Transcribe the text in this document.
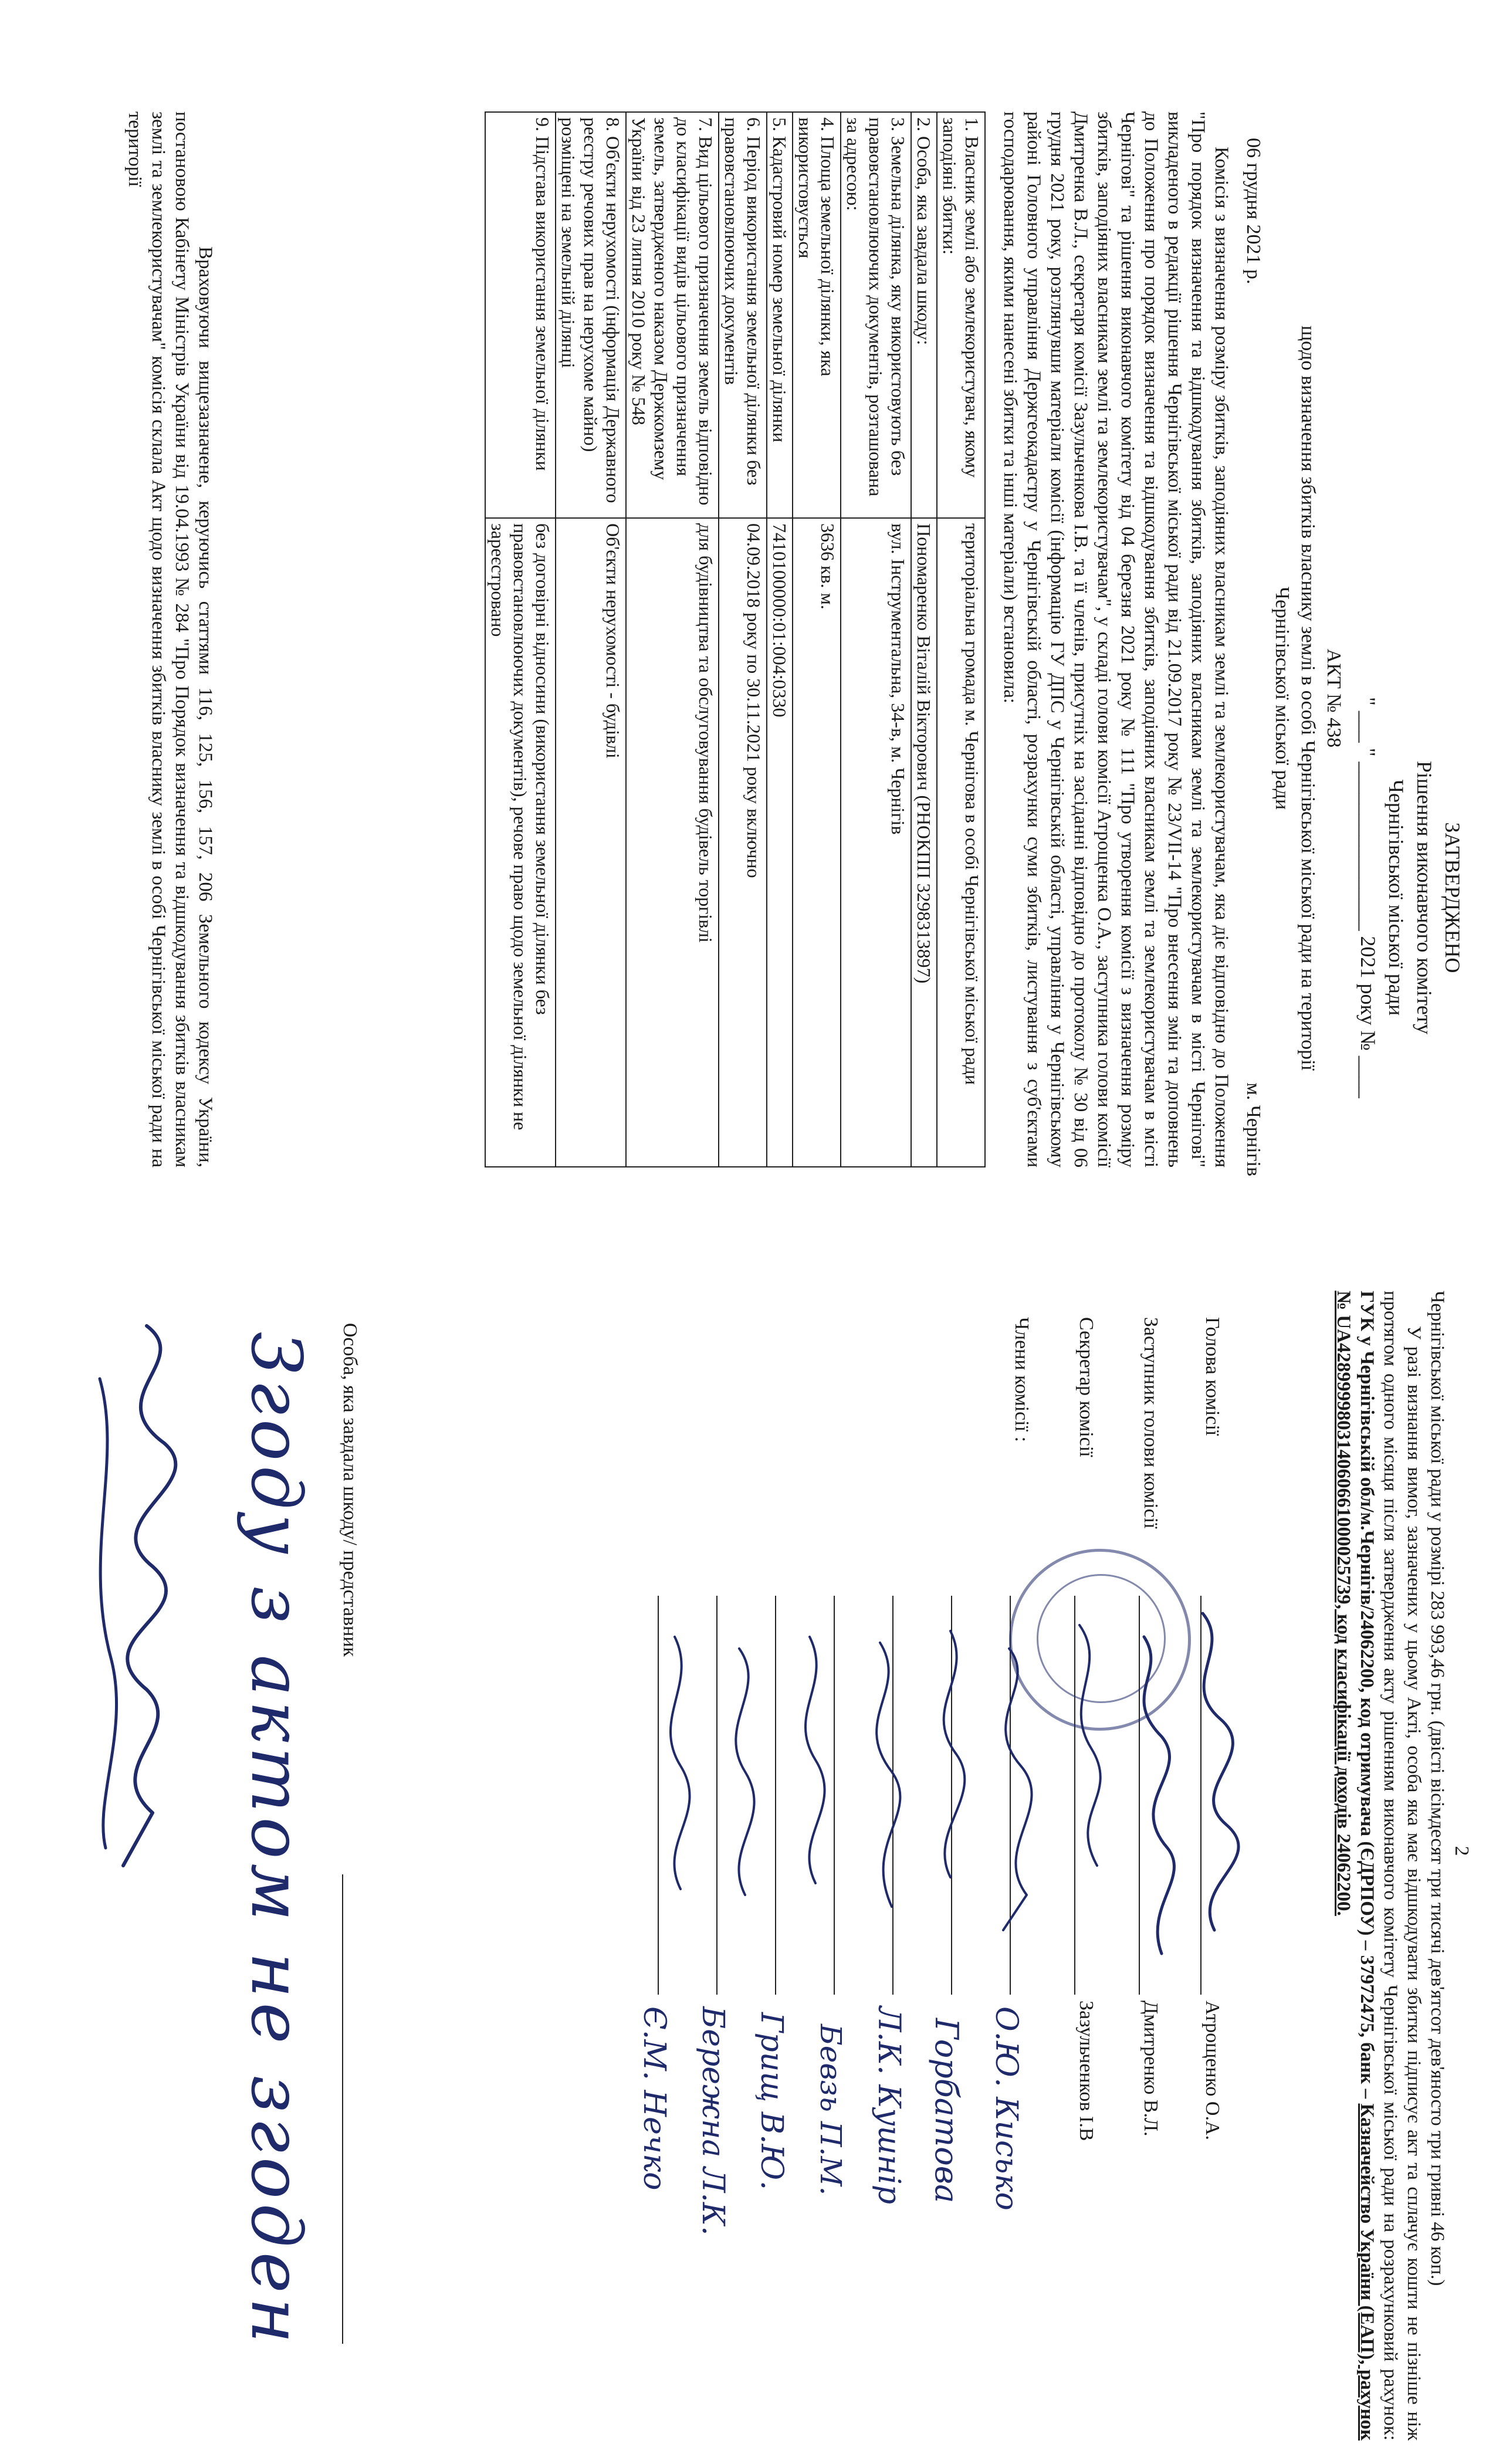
ЗАТВЕРДЖЕНО
Рішення виконавчого комітету
Чернігівської міської ради
" ___ " ________________ 2021 року № ____
АКТ № 438
щодо визначення збитків власнику землі в особі Чернігівської міської ради на території
Чернігівської міської ради
06 грудня 2021 р.
м. Чернігів

Комісія з визначення розміру збитків, заподіяних власникам землі та землекористувачам, яка діє відповідно до Положення "Про порядок визначення та відшкодування збитків, заподіяних власникам землі та землекористувачам в місті Чернігові" викладеного в редакції рішення Чернігівської міської ради від 21.09.2017 року № 23/VII-14 "Про внесення змін та доповнень до Положення про порядок визначення та відшкодування збитків, заподіяних власникам землі та землекористувачам в місті Чернігові" та рішення виконавчого комітету від 04 березня 2021 року № 111 "Про утворення комісії з визначення розміру збитків, заподіяних власникам землі та землекористувачам", у складі голови комісії Атрощенка О.А., заступника голови комісії Дмитренка В.Л., секретаря комісії Зазульченкова І.В. та її членів, присутніх на засіданні відповідно до протоколу № 30 від 06 грудня 2021 року, розглянувши матеріали комісії (інформацію ГУ ДПС у Чернігівській області, управління у Чернігівському районі Головного управління Держгеокадастру у Чернігівській області, розрахунки суми збитків, листування з суб'єктами господарювання, якими нанесені збитки та інші матеріали) встановила:

1. Власник землі або землекористувач, якому заподіяні збитки:	територіальна громада м. Чернігова в особі Чернігівської міської ради
2. Особа, яка завдала шкоду:	Пономаренко Віталій Вікторович (РНОКПП 3298313897)
3. Земельна ділянка, яку використовують без правовстановлюючих документів, розташована за адресою:	вул. Інструментальна, 34-в, м. Чернігів
4. Площа земельної ділянки, яка використовується	3636 кв. м.
5. Кадастровий номер земельної ділянки	7410100000:01:004:0330
6. Період використання земельної ділянки без правовстановлюючих документів	04.09.2018 року по 30.11.2021 року включно
7. Вид цільового призначення земель відповідно до класифікації видів цільового призначення земель, затвердженого наказом Держкомзему України від 23 липня 2010 року № 548	для будівництва та обслуговування будівель торгівлі
8. Об'єкти нерухомості (інформація Державного реєстру речових прав на нерухоме майно) розміщені на земельній ділянці	Об'єкти нерухомості - будівлі
9. Підстава використання земельної ділянки	без договірні відносини (використання земельної ділянки без правовстановлюючих документів), речове право щодо земельної ділянки не зареєстровано

Враховуючи вищезазначене, керуючись статтями 116, 125, 156, 157, 206 Земельного кодексу України, постановою Кабінету Міністрів України від 19.04.1993 № 284 "Про Порядок визначення та відшкодування збитків власникам землі та землекористувачам" комісія склала Акт щодо визначення збитків власнику землі в особі Чернігівської міської ради на території

2

Чернігівської міської ради у розмірі 283 993,46 грн. (двісті вісімдесят три тисячі дев'ятсот дев'яносто три гривні 46 коп.)

У разі визнання вимог, зазначених у цьому Акті, особа яка має відшкодувати збитки підписує акт та сплачує кошти не пізніше ніж протягом одного місяця після затвердження акту рішенням виконавчого комітету Чернігівської міської ради на розрахунковий рахунок: ГУК у Чернігівській обл/м.Чернігів/24062200, код отримувача (ЄДРПОУ) – 37972475, банк – Казначейство України (ЕАП), рахунок № UA428999980314060661000025739, код класифікації доходів 24062200.

Голова комісії
Атрощенко О.А.
Заступник голови комісії
Дмитренко В.Л.
Секретар комісії
Зазульченков І.В
Члени комісії :
О.Ю. Кисько
Горбатова
Л.К. Кушнір
Бевзь П.М.
Грищ В.Ю.
Бережна Л.К.
Є.М. Нечко
Особа, яка завдала шкоду/ представник
Згоду з актом не згоден
